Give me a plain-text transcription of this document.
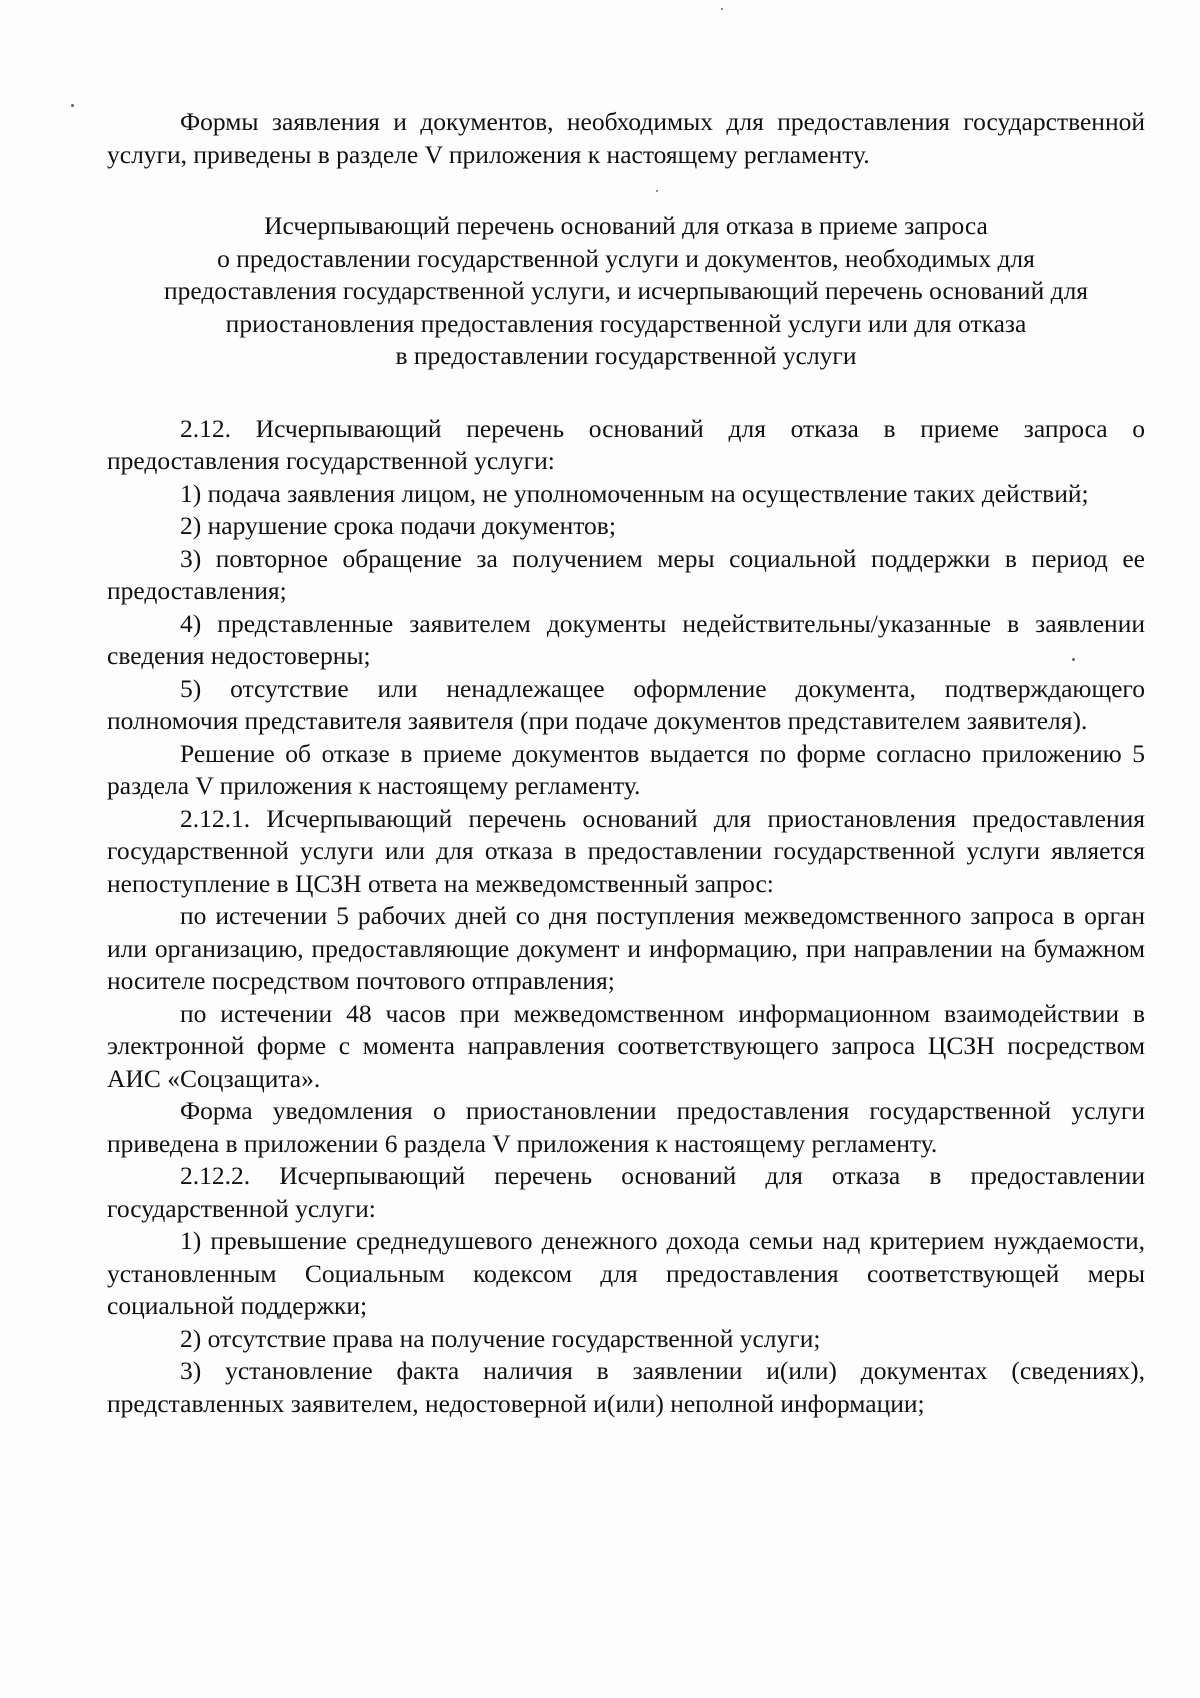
Формы заявления и документов, необходимых для предоставления государственной услуги, приведены в разделе V приложения к настоящему регламенту.

Исчерпывающий перечень оснований для отказа в приеме запроса
о предоставлении государственной услуги и документов, необходимых для
предоставления государственной услуги, и исчерпывающий перечень оснований для
приостановления предоставления государственной услуги или для отказа
в предоставлении государственной услуги

2.12. Исчерпывающий перечень оснований для отказа в приеме запроса о предоставления государственной услуги:

1) подача заявления лицом, не уполномоченным на осуществление таких действий;

2) нарушение срока подачи документов;

3) повторное обращение за получением меры социальной поддержки в период ее предоставления;

4) представленные заявителем документы недействительны/указанные в заявлении сведения недостоверны;

5) отсутствие или ненадлежащее оформление документа, подтверждающего полномочия представителя заявителя (при подаче документов представителем заявителя).

Решение об отказе в приеме документов выдается по форме согласно приложению 5 раздела V приложения к настоящему регламенту.

2.12.1. Исчерпывающий перечень оснований для приостановления предоставления государственной услуги или для отказа в предоставлении государственной услуги является непоступление в ЦСЗН ответа на межведомственный запрос:

по истечении 5 рабочих дней со дня поступления межведомственного запроса в орган или организацию, предоставляющие документ и информацию, при направлении на бумажном носителе посредством почтового отправления;

по истечении 48 часов при межведомственном информационном взаимодействии в электронной форме с момента направления соответствующего запроса ЦСЗН посредством АИС «Соцзащита».

Форма уведомления о приостановлении предоставления государственной услуги приведена в приложении 6 раздела V приложения к настоящему регламенту.

2.12.2. Исчерпывающий перечень оснований для отказа в предоставлении государственной услуги:

1) превышение среднедушевого денежного дохода семьи над критерием нуждаемости, установленным Социальным кодексом для предоставления соответствующей меры социальной поддержки;

2) отсутствие права на получение государственной услуги;

3) установление факта наличия в заявлении и(или) документах (сведениях), представленных заявителем, недостоверной и(или) неполной информации;
